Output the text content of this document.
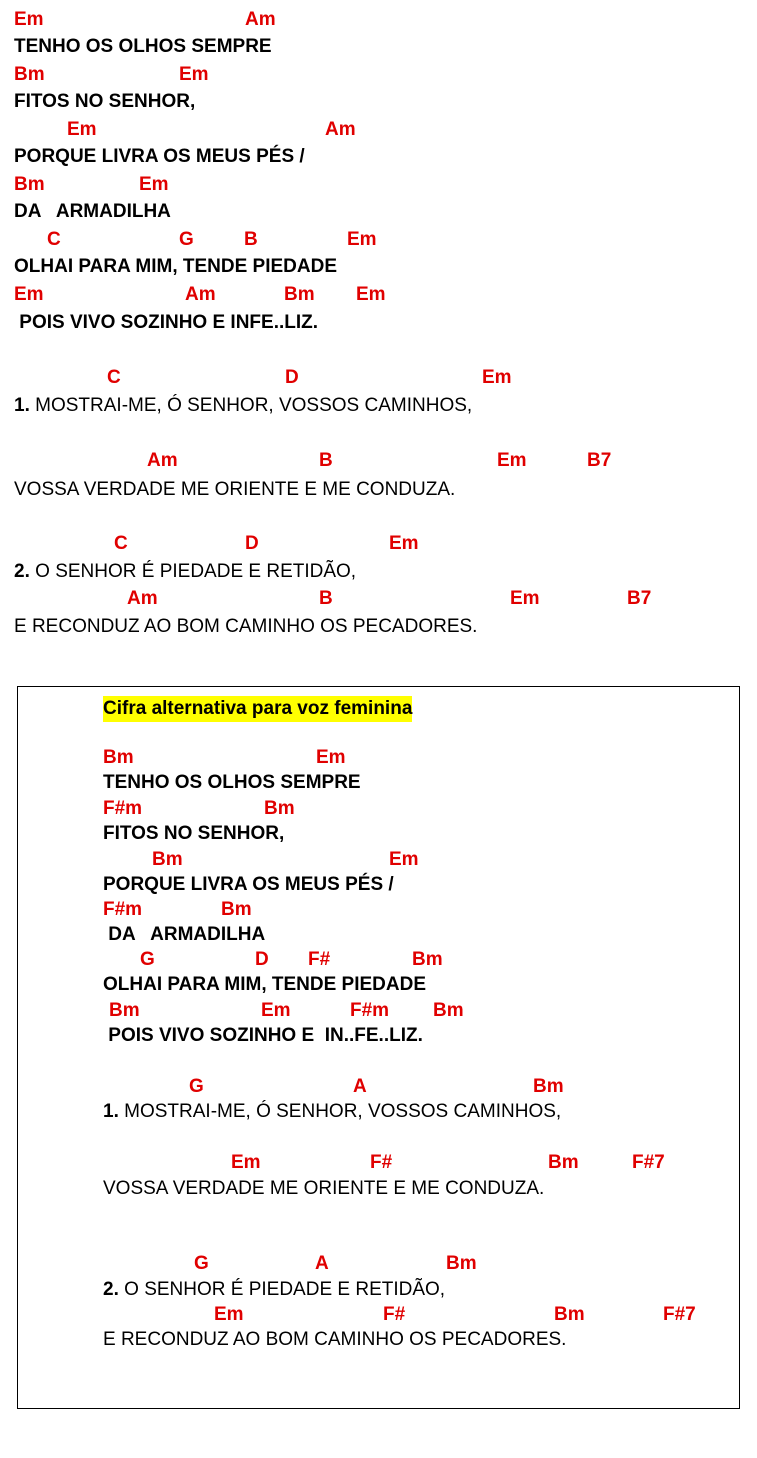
Em

	Am

TENHO OS OLHOS SEMPRE

Bm

	Em

FITOS NO SENHOR,

Em

	Am

PORQUE LIVRA OS MEUS PÉS /

Bm

	Em

DA   ARMADILHA

C

	G

	B

	Em

OLHAI PARA MIM, TENDE PIEDADE

Em

	Am

	Bm

Em

POIS VIVO SOZINHO E INFE..LIZ.

C

	D

	Em

1. MOSTRAI-ME, Ó SENHOR, VOSSOS CAMINHOS,

Am

	B

	Em

	B7

VOSSA VERDADE ME ORIENTE E ME CONDUZA.

C

	D

	Em

2. O SENHOR É PIEDADE E RETIDÃO,

Am

	B

	Em

	B7

E RECONDUZ AO BOM CAMINHO OS PECADORES.
Cifra alternativa para voz feminina

Bm

	Em

TENHO OS OLHOS SEMPRE

F#m

	Bm

FITOS NO SENHOR,

Bm

	Em

PORQUE LIVRA OS MEUS PÉS /

F#m

	Bm

DA   ARMADILHA

G

	D

F#

	Bm

OLHAI PARA MIM, TENDE PIEDADE

Bm

	Em

	F#m

Bm

POIS VIVO SOZINHO E  IN..FE..LIZ.

G

	A

	Bm

1. MOSTRAI-ME, Ó SENHOR, VOSSOS CAMINHOS,

Em

	F#

	Bm

	F#7

VOSSA VERDADE ME ORIENTE E ME CONDUZA.

G

	A

	Bm

2. O SENHOR É PIEDADE E RETIDÃO,

Em

	F#

	Bm

	F#7

E RECONDUZ AO BOM CAMINHO OS PECADORES.
